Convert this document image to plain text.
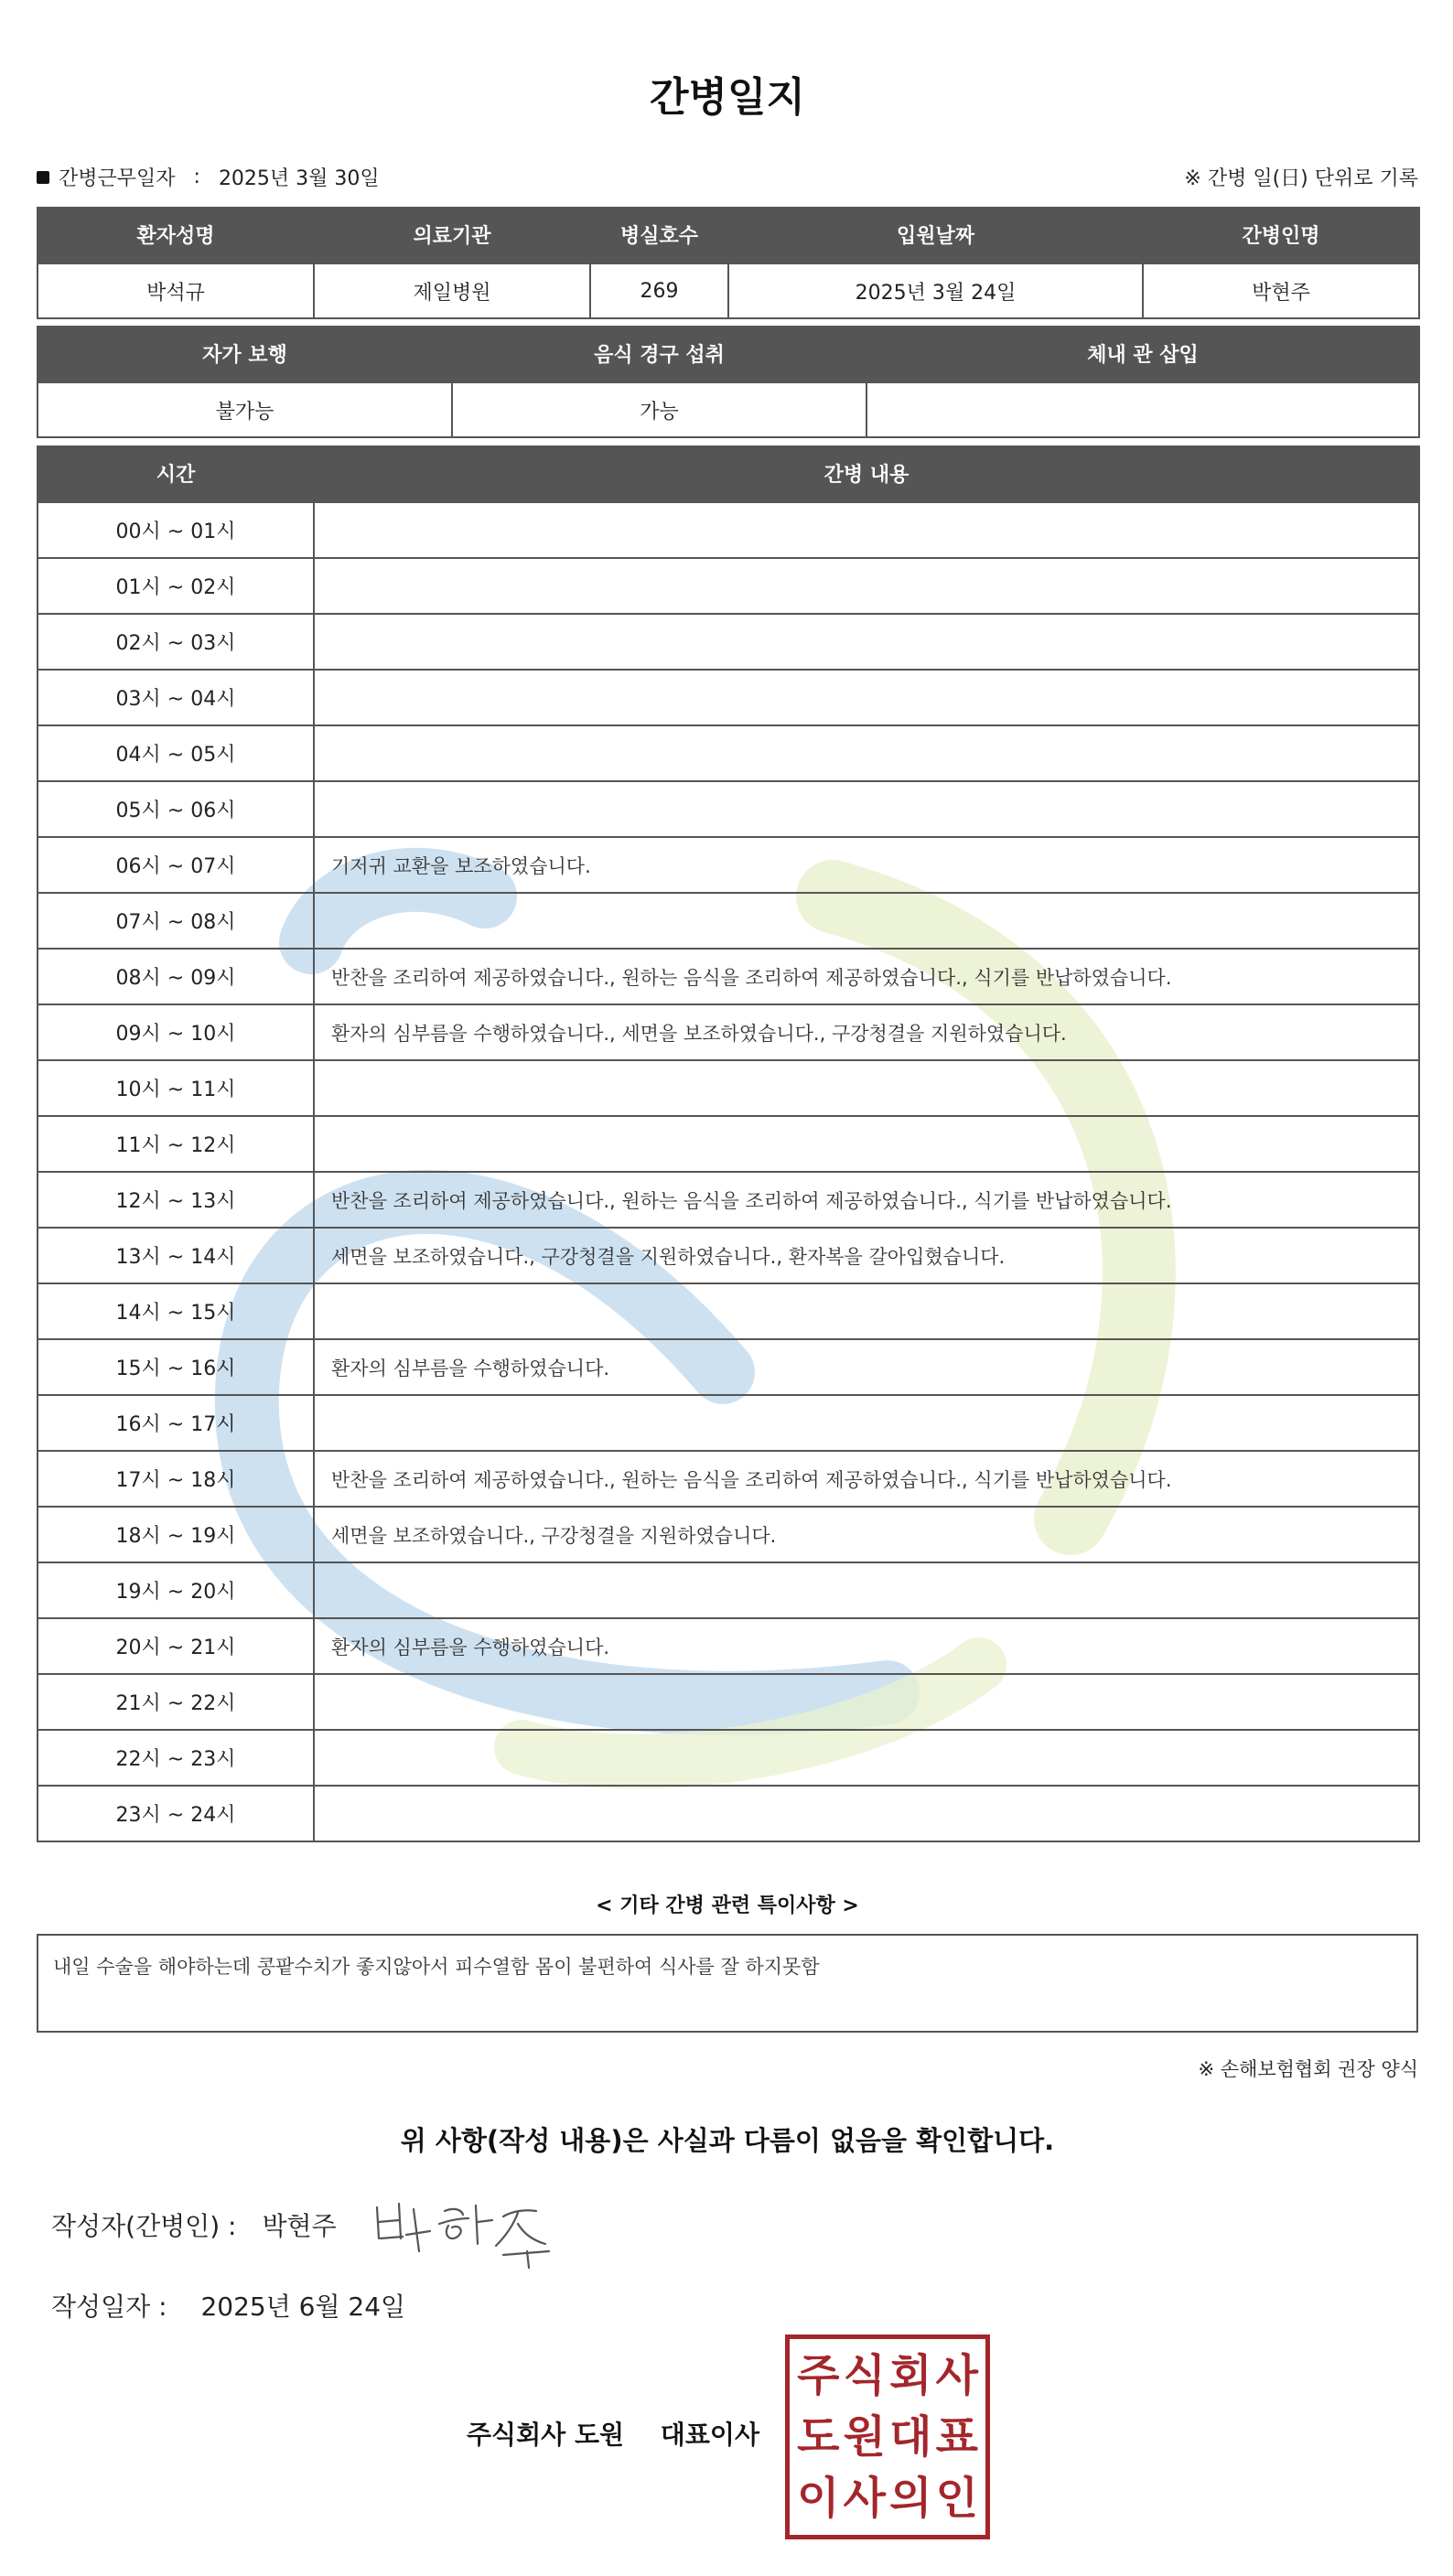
간병일지
간병근무일자 : 2025년 3월 30일	※ 간병 일(日) 단위로 기록
환자성명	의료기관	병실호수	입원날짜	간병인명
박석규	제일병원	269	2025년 3월 24일	박현주
자가 보행	음식 경구 섭취	체내 관 삽입
불가능	가능	
시간	간병 내용
00시 ~ 01시	
01시 ~ 02시	
02시 ~ 03시	
03시 ~ 04시	
04시 ~ 05시	
05시 ~ 06시	
06시 ~ 07시	기저귀 교환을 보조하였습니다.
07시 ~ 08시	
08시 ~ 09시	반찬을 조리하여 제공하였습니다., 원하는 음식을 조리하여 제공하였습니다., 식기를 반납하였습니다.
09시 ~ 10시	환자의 심부름을 수행하였습니다., 세면을 보조하였습니다., 구강청결을 지원하였습니다.
10시 ~ 11시	
11시 ~ 12시	
12시 ~ 13시	반찬을 조리하여 제공하였습니다., 원하는 음식을 조리하여 제공하였습니다., 식기를 반납하였습니다.
13시 ~ 14시	세면을 보조하였습니다., 구강청결을 지원하였습니다., 환자복을 갈아입혔습니다.
14시 ~ 15시	
15시 ~ 16시	환자의 심부름을 수행하였습니다.
16시 ~ 17시	
17시 ~ 18시	반찬을 조리하여 제공하였습니다., 원하는 음식을 조리하여 제공하였습니다., 식기를 반납하였습니다.
18시 ~ 19시	세면을 보조하였습니다., 구강청결을 지원하였습니다.
19시 ~ 20시	
20시 ~ 21시	환자의 심부름을 수행하였습니다.
21시 ~ 22시	
22시 ~ 23시	
23시 ~ 24시	
< 기타 간병 관련 특이사항 >
내일 수술을 해야하는데 콩팥수치가 좋지않아서 피수열함 몸이 불편하여 식사를 잘 하지못함
※ 손해보험협회 권장 양식
위 사항(작성 내용)은 사실과 다름이 없음을 확인합니다.
작성자(간병인) : 박현주
작성일자 : 2025년 6월 24일
주식회사 도원 대표이사
주 식 회 사
도 원 대 표
이 사 의 인
